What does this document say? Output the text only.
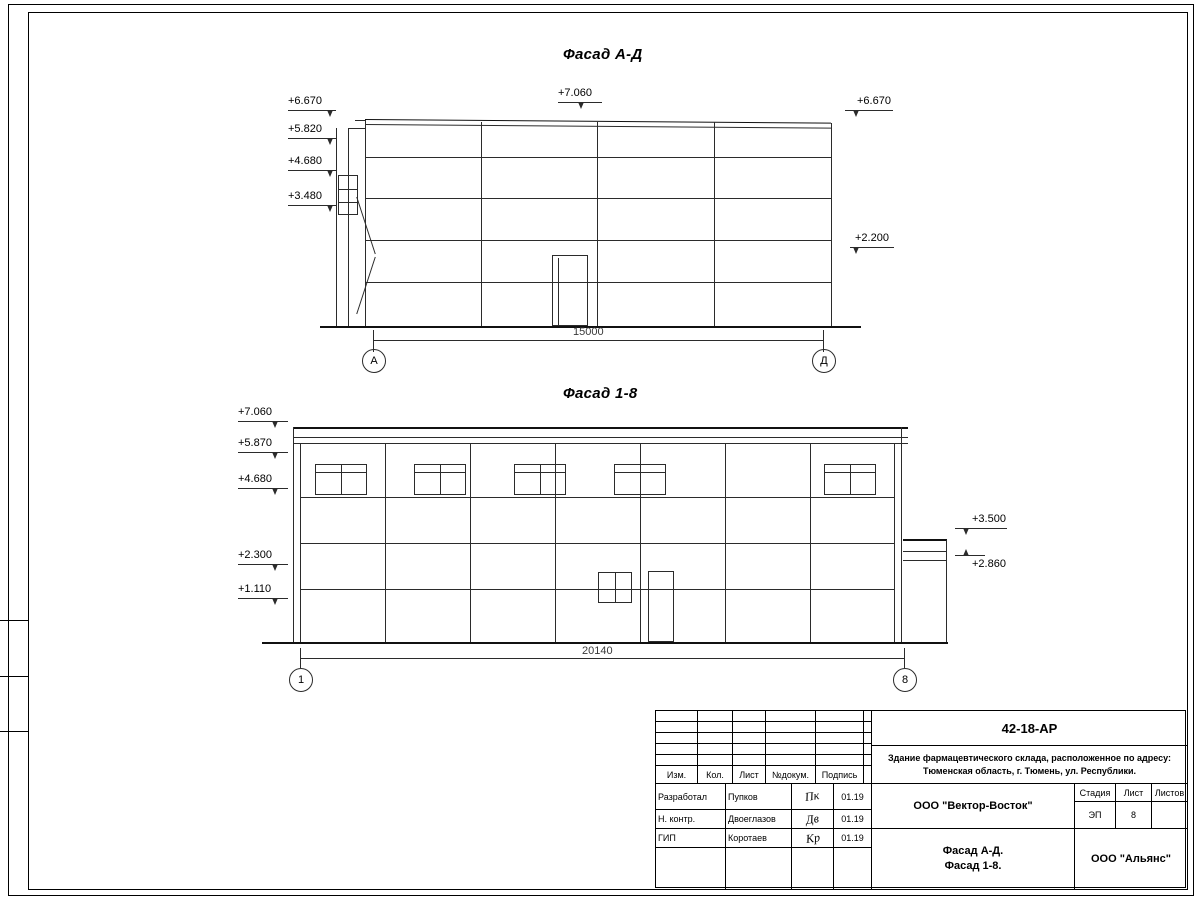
Фасад А-Д
+6.670
+5.820
+4.680
+3.480
+7.060
+6.670
+2.200
А	Д
15000
Фасад 1-8
+7.060
+5.870
+4.680
+2.300
+1.110
+3.500
+2.860
1	8
20140
Изм.	Кол.	Лист	№докум.	Подпись
Разработал	Пупков	Пк	01.19
Н. контр.	Двоеглазов	Дв	01.19
ГИП	Коротаев	Кр	01.19
42-18-АР
Здание фармацевтического склада, расположенное по адресу:
Тюменская область, г. Тюмень, ул. Республики.
ООО "Вектор-Восток"
Стадия	Лист	Листов
ЭП	8
Фасад А-Д.
Фасад 1-8.
ООО "Альянс"
